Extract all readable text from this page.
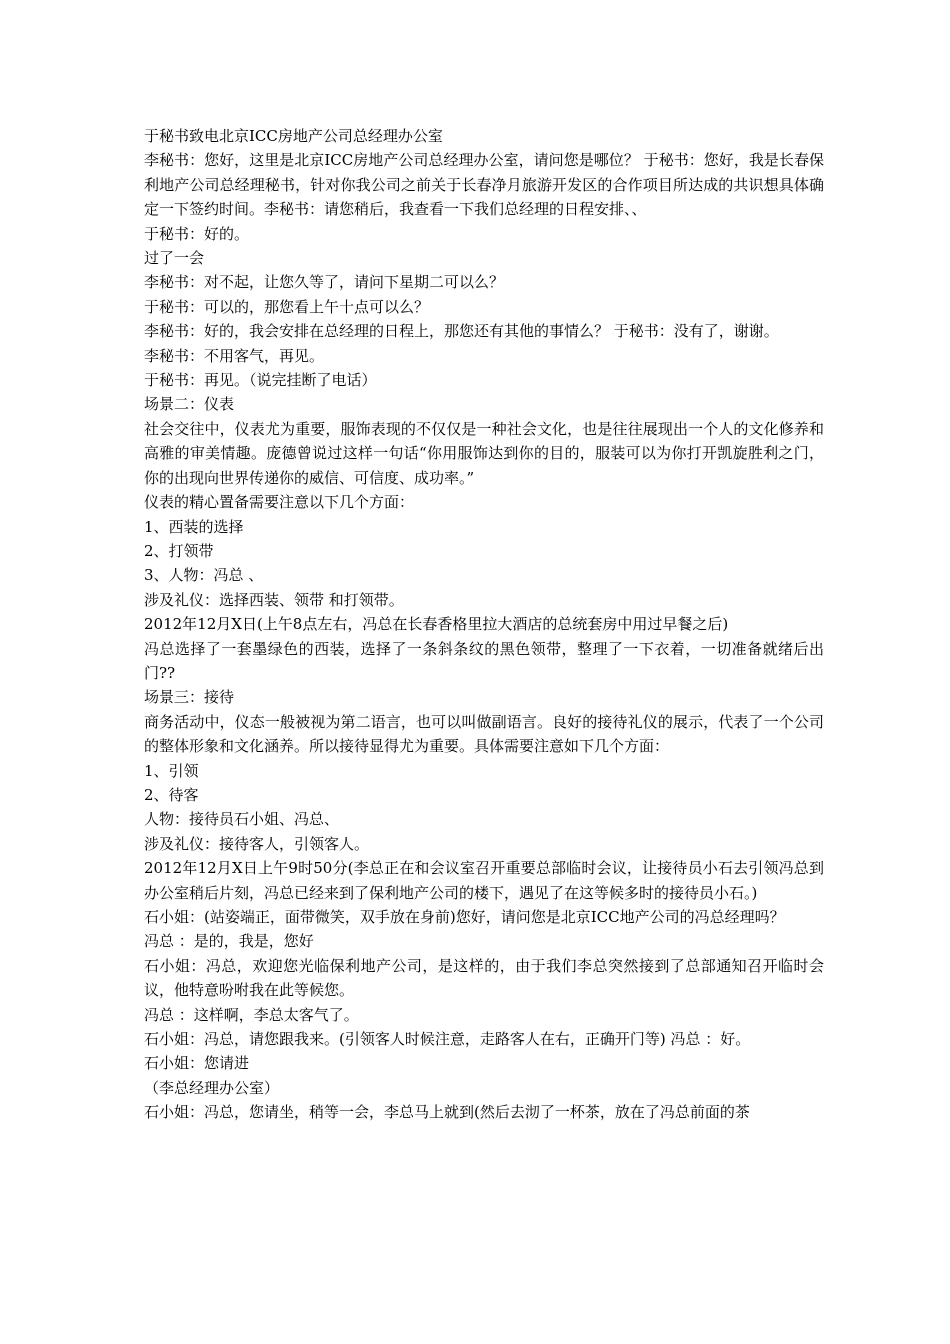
于秘书致电北京ICC房地产公司总经理办公室

李秘书：您好，这里是北京ICC房地产公司总经理办公室，请问您是哪位？ 于秘书：您好，我是长春保利地产公司总经理秘书，针对你我公司之前关于长春净月旅游开发区的合作项目所达成的共识想具体确定一下签约时间。李秘书：请您稍后，我查看一下我们总经理的日程安排、、

于秘书：好的。

过了一会

李秘书：对不起，让您久等了，请问下星期二可以么？

于秘书：可以的，那您看上午十点可以么？

李秘书：好的，我会安排在总经理的日程上，那您还有其他的事情么？ 于秘书：没有了，谢谢。

李秘书：不用客气，再见。

于秘书：再见。（说完挂断了电话）

场景二：仪表

社会交往中，仪表尤为重要，服饰表现的不仅仅是一种社会文化，也是往往展现出一个人的文化修养和高雅的审美情趣。庞德曾说过这样一句话“你用服饰达到你的目的，服装可以为你打开凯旋胜利之门，你的出现向世界传递你的威信、可信度、成功率。”

仪表的精心置备需要注意以下几个方面：

1、西装的选择

2、打领带

3、人物：冯总 、

涉及礼仪：选择西装、领带 和打领带。

2012年12月X日(上午8点左右，冯总在长春香格里拉大酒店的总统套房中用过早餐之后)

冯总选择了一套墨绿色的西装，选择了一条斜条纹的黑色领带，整理了一下衣着，一切准备就绪后出门??

场景三：接待

商务活动中，仪态一般被视为第二语言，也可以叫做副语言。良好的接待礼仪的展示，代表了一个公司的整体形象和文化涵养。所以接待显得尤为重要。具体需要注意如下几个方面：

1、引领

2、待客

人物：接待员石小姐、冯总、

涉及礼仪：接待客人，引领客人。

2012年12月X日上午9时50分(李总正在和会议室召开重要总部临时会议，让接待员小石去引领冯总到办公室稍后片刻，冯总已经来到了保利地产公司的楼下，遇见了在这等候多时的接待员小石。)

石小姐：(站姿端正，面带微笑，双手放在身前)您好，请问您是北京ICC地产公司的冯总经理吗？

冯总 ：是的，我是，您好

石小姐：冯总，欢迎您光临保利地产公司，是这样的，由于我们李总突然接到了总部通知召开临时会议，他特意吩咐我在此等候您。

冯总 ：这样啊，李总太客气了。

石小姐：冯总，请您跟我来。(引领客人时候注意，走路客人在右，正确开门等) 冯总 ：好。

石小姐：您请进

（李总经理办公室）

石小姐：冯总，您请坐，稍等一会，李总马上就到(然后去沏了一杯茶，放在了冯总前面的茶
